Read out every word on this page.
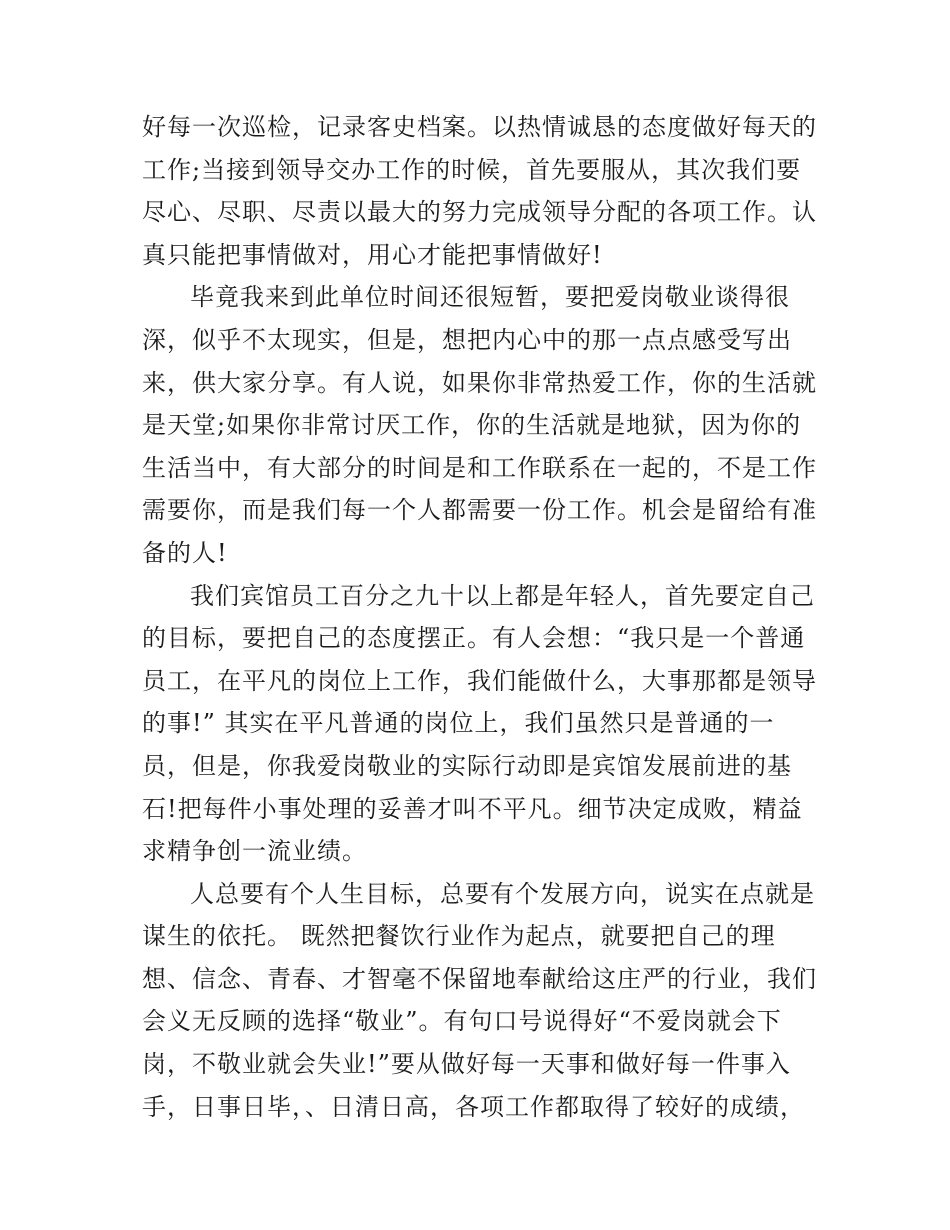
好每一次巡检，记录客史档案。以热情诚恳的态度做好每天的
工作;当接到领导交办工作的时候，首先要服从，其次我们要
尽心、尽职、尽责以最大的努力完成领导分配的各项工作。认
真只能把事情做对，用心才能把事情做好!
毕竟我来到此单位时间还很短暂，要把爱岗敬业谈得很
深，似乎不太现实，但是，想把内心中的那一点点感受写出
来，供大家分享。有人说，如果你非常热爱工作，你的生活就
是天堂;如果你非常讨厌工作，你的生活就是地狱，因为你的
生活当中，有大部分的时间是和工作联系在一起的，不是工作
需要你，而是我们每一个人都需要一份工作。机会是留给有准
备的人!
我们宾馆员工百分之九十以上都是年轻人，首先要定自己
的目标，要把自己的态度摆正。有人会想：“我只是一个普通
员工，在平凡的岗位上工作，我们能做什么，大事那都是领导
的事!” 其实在平凡普通的岗位上，我们虽然只是普通的一
员，但是，你我爱岗敬业的实际行动即是宾馆发展前进的基
石!把每件小事处理的妥善才叫不平凡。细节决定成败，精益
求精争创一流业绩。
人总要有个人生目标，总要有个发展方向，说实在点就是
谋生的依托。 既然把餐饮行业作为起点，就要把自己的理
想、信念、青春、才智毫不保留地奉献给这庄严的行业，我们
会义无反顾的选择“敬业”。有句口号说得好“不爱岗就会下
岗，不敬业就会失业!”要从做好每一天事和做好每一件事入
手，日事日毕，、日清日高，各项工作都取得了较好的成绩，
